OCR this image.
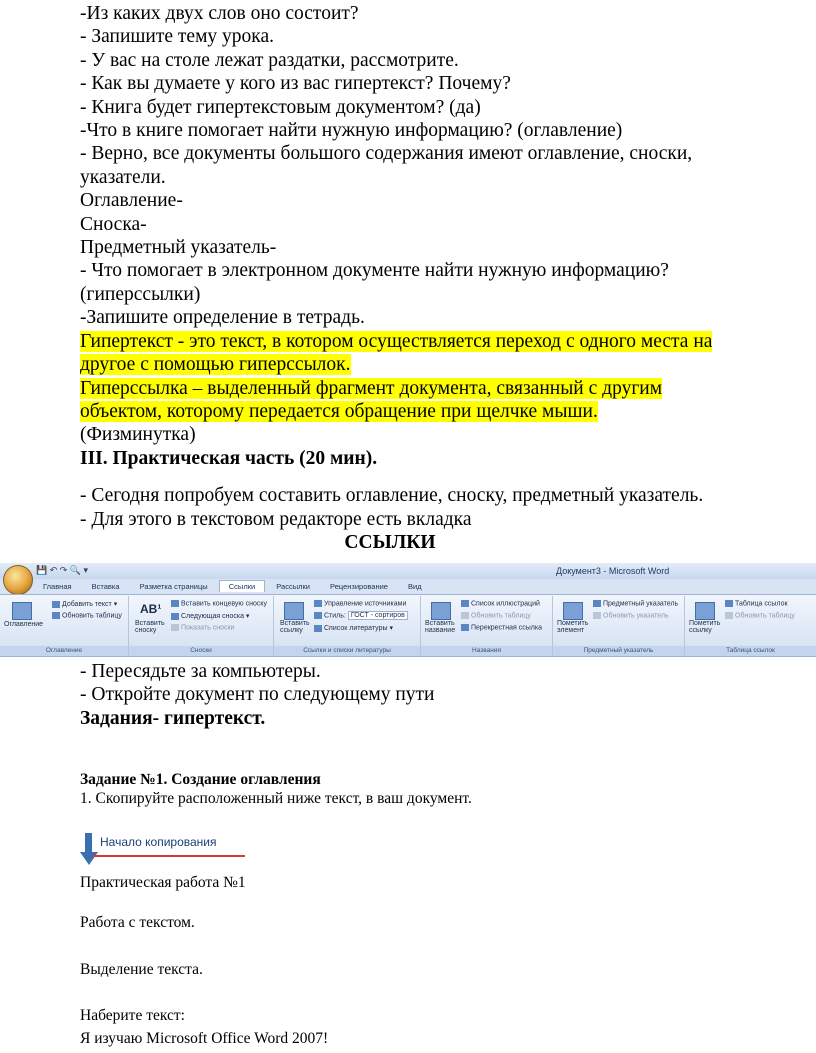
-Из каких двух слов оно состоит?

- Запишите тему урока.

- У вас на столе лежат раздатки, рассмотрите.

- Как вы думаете у кого из вас гипертекст? Почему?

- Книга будет гипертекстовым документом? (да)

-Что в книге помогает найти нужную информацию? (оглавление)

- Верно, все документы большого содержания имеют оглавление, сноски,

указатели.

Оглавление-

Сноска-

Предметный указатель-

- Что помогает в электронном документе найти нужную информацию?

(гиперссылки)

-Запишите определение в тетрадь.

Гипертекст - это текст, в котором осуществляется переход с одного места на

другое с помощью гиперссылок.

Гиперссылка – выделенный фрагмент документа, связанный с другим

объектом, которому передается обращение при щелчке мыши.

(Физминутка)

III. Практическая часть (20 мин).

- Сегодня попробуем составить оглавление, сноску, предметный указатель.

- Для этого в текстовом редакторе есть вкладка

ССЫЛКИ

💾 ↶ ↷ 🔍 ▾	Документ3 - Microsoft Word
Главная	Вставка	Разметка страницы	Ссылки	Рассылки	Рецензирование	Вид
Оглавление
Добавить текст ▾
Обновить таблицу
Оглавление
AB¹
Вставить сноску
Вставить концевую сноску
Следующая сноска ▾
Показать сноски
Сноски
Вставить ссылку
Управление источниками
Стиль: ГОСТ - сортиров
Список литературы ▾
Ссылки и списки литературы
Вставить название
Список иллюстраций
Обновить таблицу
Перекрестная ссылка
Названия
Пометить элемент
Предметный указатель
Обновить указатель
Предметный указатель
Пометить ссылку
Таблица ссылок
Обновить таблицу
Таблица ссылок

- Пересядьте за компьютеры.

- Откройте документ по следующему пути

Задания- гипертекст.

Задание №1. Создание оглавления

1. Скопируйте расположенный ниже текст, в ваш документ.

Начало копирования
Практическая работа №1
Работа с текстом.
Выделение текста.
Наберите текст:
Я изучаю Microsoft Office Word 2007!
